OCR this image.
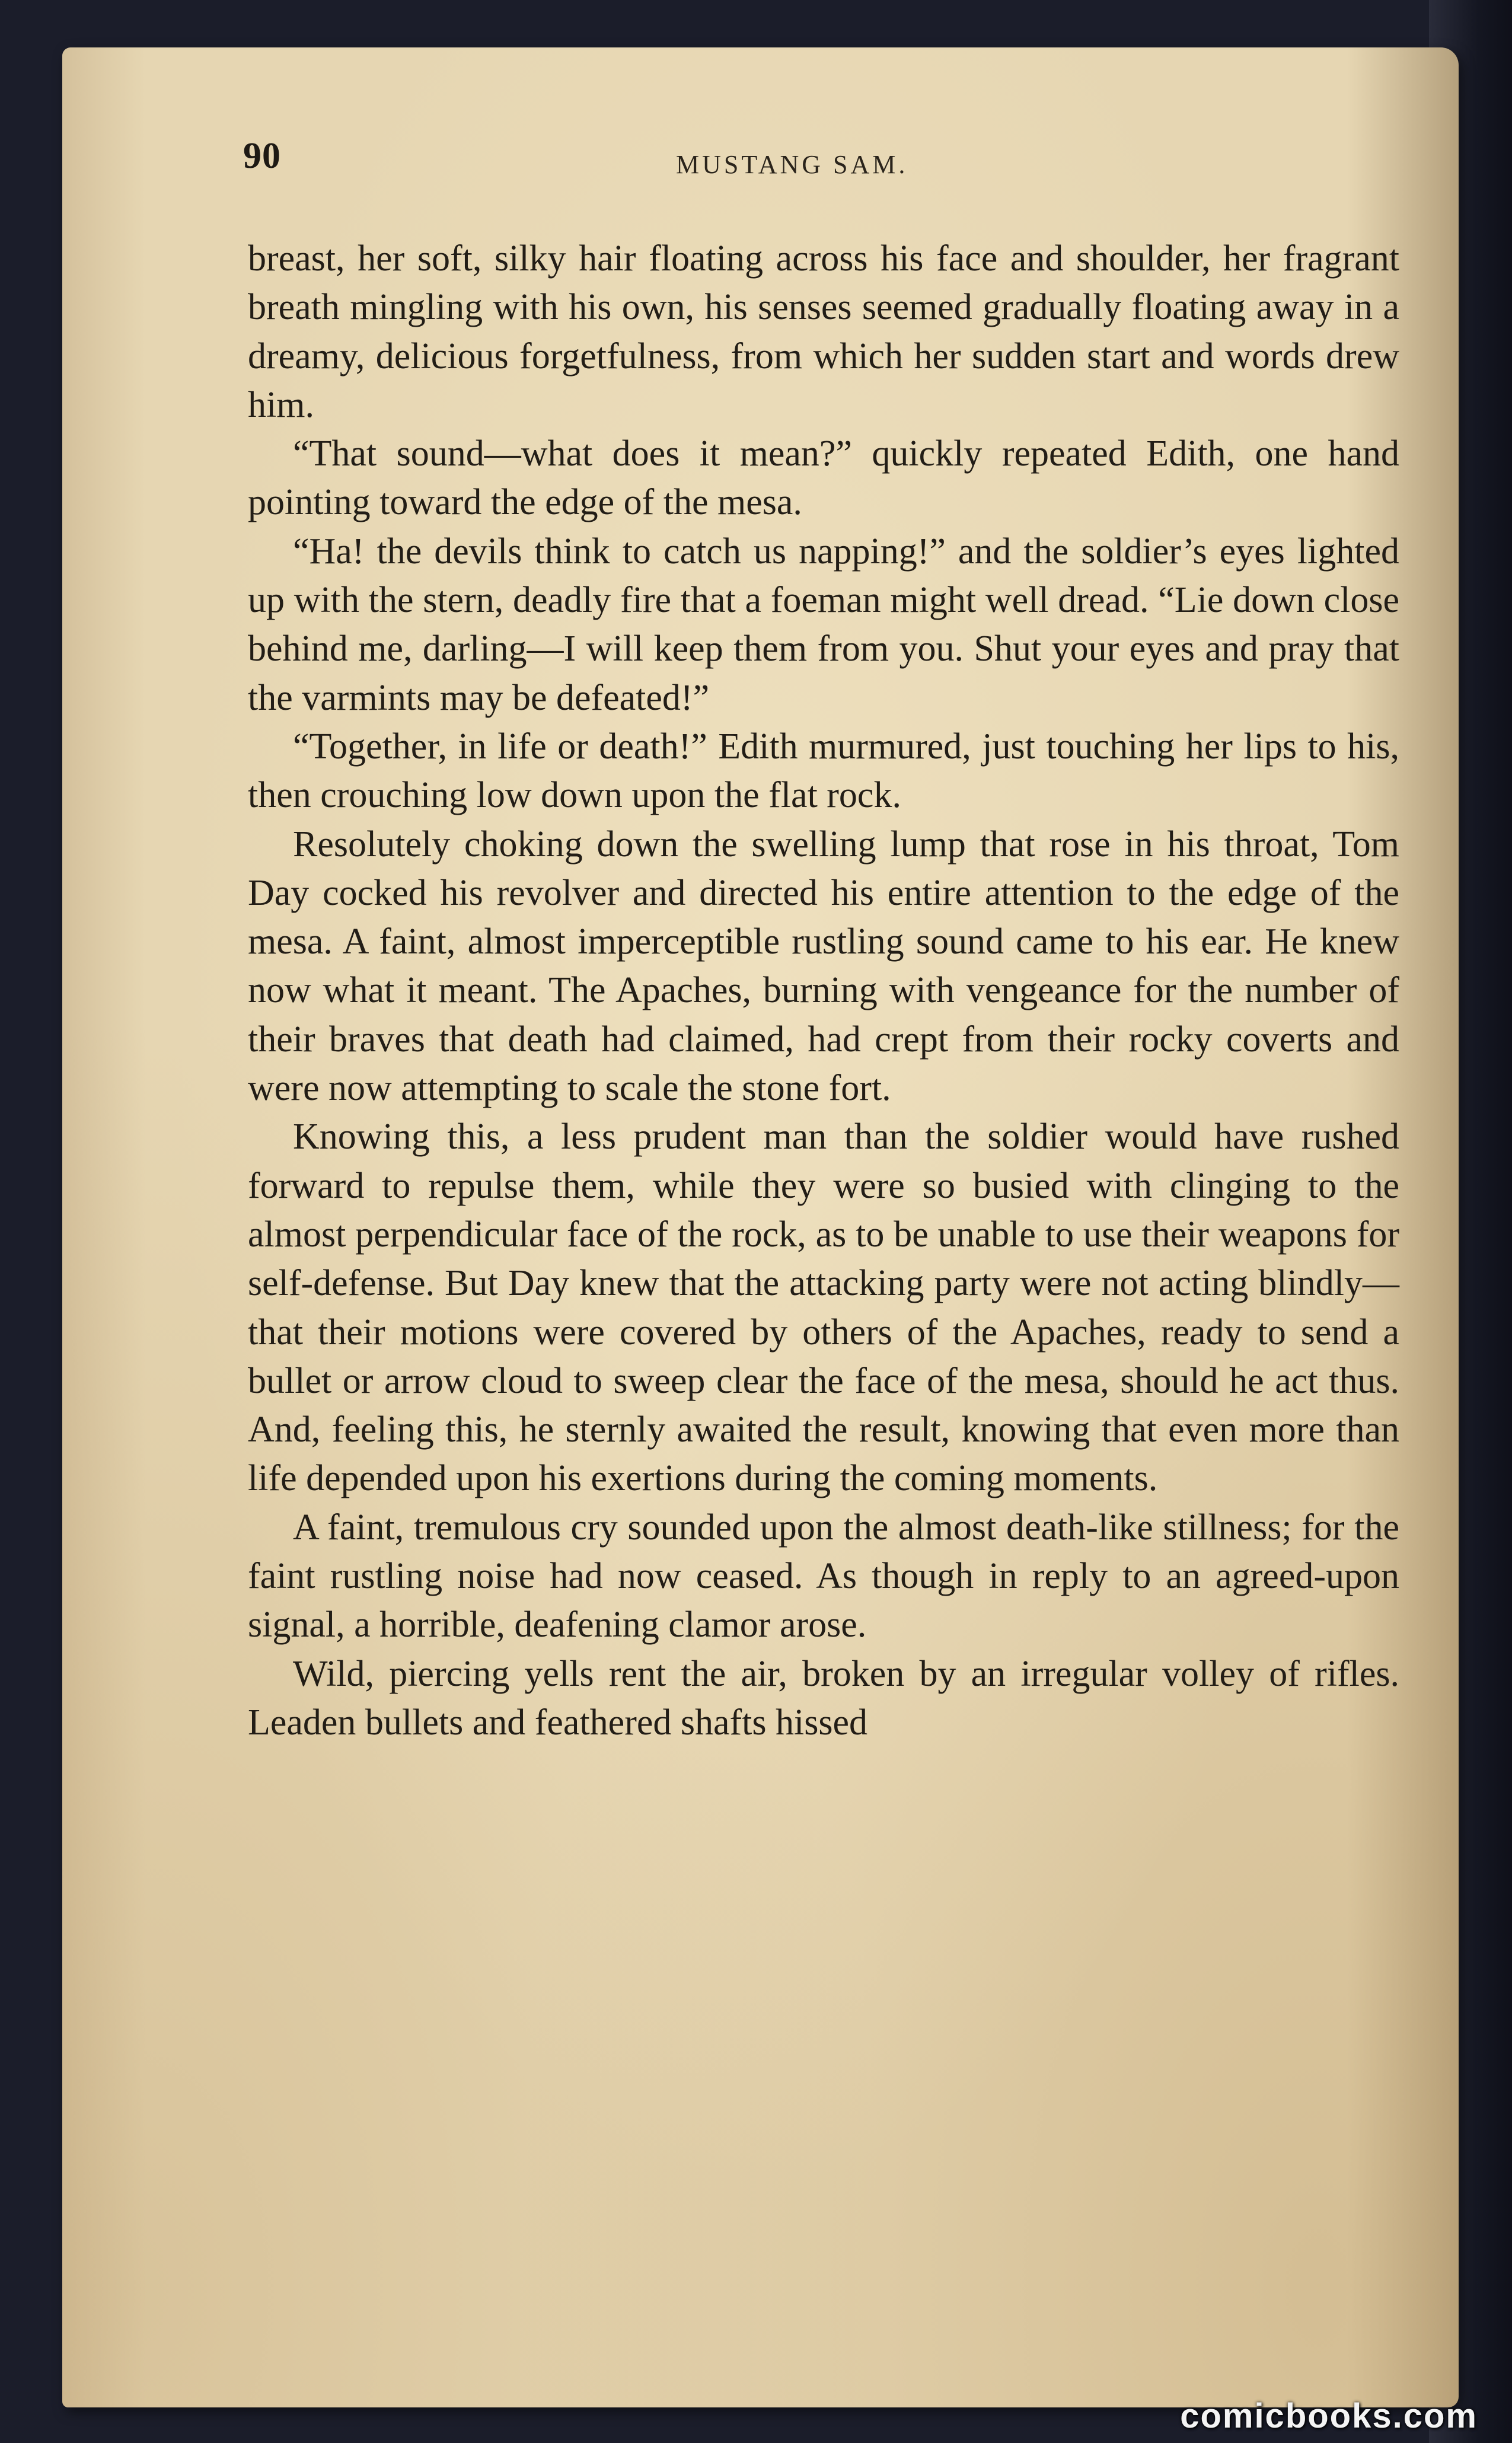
90	MUSTANG SAM.

breast, her soft, silky hair floating across his face and shoulder, her fragrant breath mingling with his own, his senses seemed gradually floating away in a dreamy, delicious forgetfulness, from which her sudden start and words drew him.

“That sound—what does it mean?” quickly repeated Edith, one hand pointing toward the edge of the mesa.

“Ha! the devils think to catch us napping!” and the soldier’s eyes lighted up with the stern, deadly fire that a foeman might well dread. “Lie down close behind me, darling—I will keep them from you. Shut your eyes and pray that the varmints may be defeated!”

“Together, in life or death!” Edith murmured, just touching her lips to his, then crouching low down upon the flat rock.

Resolutely choking down the swelling lump that rose in his throat, Tom Day cocked his revolver and directed his entire attention to the edge of the mesa. A faint, almost imperceptible rustling sound came to his ear. He knew now what it meant. The Apaches, burning with vengeance for the number of their braves that death had claimed, had crept from their rocky coverts and were now attempting to scale the stone fort.

Knowing this, a less prudent man than the soldier would have rushed forward to repulse them, while they were so busied with clinging to the almost perpendicular face of the rock, as to be unable to use their weapons for self-defense. But Day knew that the attacking party were not acting blindly—that their motions were covered by others of the Apaches, ready to send a bullet or arrow cloud to sweep clear the face of the mesa, should he act thus. And, feeling this, he sternly awaited the result, knowing that even more than life depended upon his exertions during the coming moments.

A faint, tremulous cry sounded upon the almost death-like stillness; for the faint rustling noise had now ceased. As though in reply to an agreed-upon signal, a horrible, deafening clamor arose.

Wild, piercing yells rent the air, broken by an irregular volley of rifles. Leaden bullets and feathered shafts hissed

comicbooks.com
